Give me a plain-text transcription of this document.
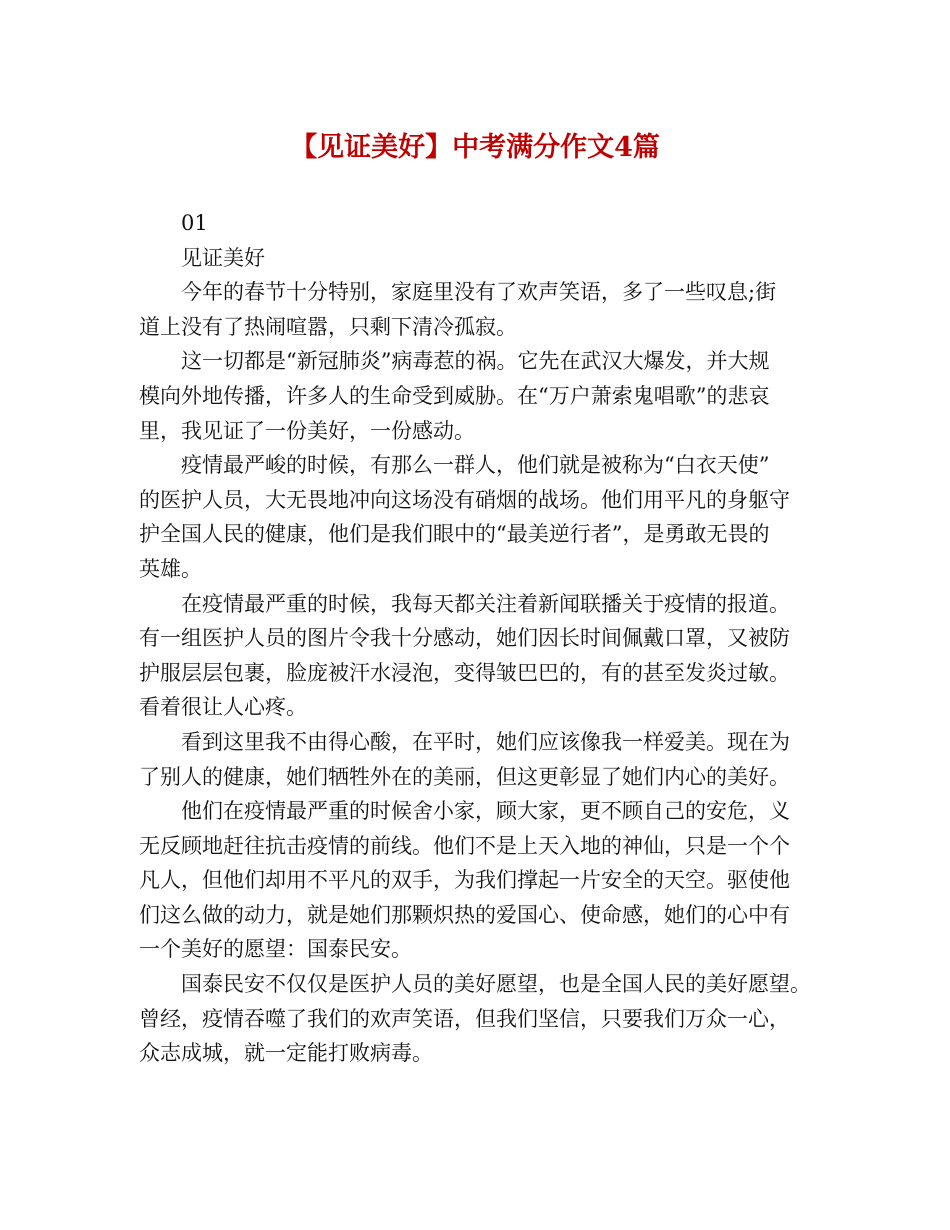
【见证美好】中考满分作文4篇

01

见证美好

今年的春节十分特别，家庭里没有了欢声笑语，多了一些叹息;街

道上没有了热闹喧嚣，只剩下清冷孤寂。

这一切都是“新冠肺炎”病毒惹的祸。它先在武汉大爆发，并大规

模向外地传播，许多人的生命受到威胁。在“万户萧索鬼唱歌”的悲哀

里，我见证了一份美好，一份感动。

疫情最严峻的时候，有那么一群人，他们就是被称为“白衣天使”

的医护人员，大无畏地冲向这场没有硝烟的战场。他们用平凡的身躯守

护全国人民的健康，他们是我们眼中的“最美逆行者”，是勇敢无畏的

英雄。

在疫情最严重的时候，我每天都关注着新闻联播关于疫情的报道。

有一组医护人员的图片令我十分感动，她们因长时间佩戴口罩，又被防

护服层层包裹，脸庞被汗水浸泡，变得皱巴巴的，有的甚至发炎过敏。

看着很让人心疼。

看到这里我不由得心酸，在平时，她们应该像我一样爱美。现在为

了别人的健康，她们牺牲外在的美丽，但这更彰显了她们内心的美好。

他们在疫情最严重的时候舍小家，顾大家，更不顾自己的安危，义

无反顾地赶往抗击疫情的前线。他们不是上天入地的神仙，只是一个个

凡人，但他们却用不平凡的双手，为我们撑起一片安全的天空。驱使他

们这么做的动力，就是她们那颗炽热的爱国心、使命感，她们的心中有

一个美好的愿望：国泰民安。

国泰民安不仅仅是医护人员的美好愿望，也是全国人民的美好愿望。

曾经，疫情吞噬了我们的欢声笑语，但我们坚信，只要我们万众一心，

众志成城，就一定能打败病毒。
